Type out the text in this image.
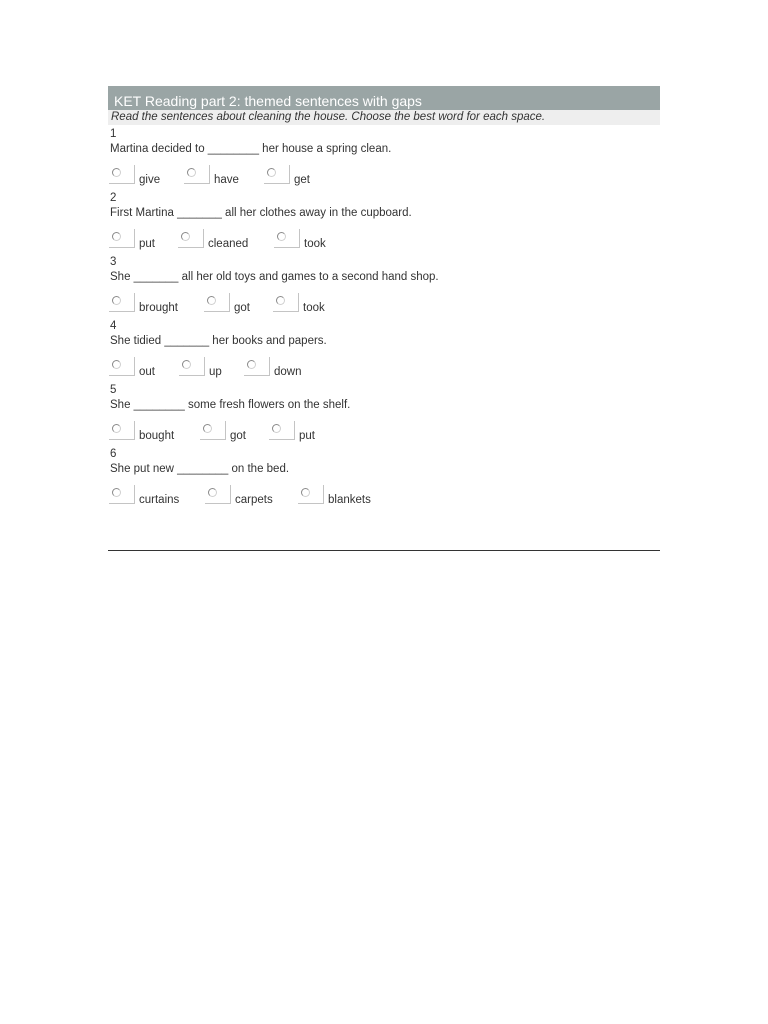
KET Reading part 2: themed sentences with gaps
Read the sentences about cleaning the house. Choose the best word for each space.
1
Martina decided to ________ her house a spring clean.
give	have	get
2
First Martina _______ all her clothes away in the cupboard.
put	cleaned	took
3
She _______ all her old toys and games to a second hand shop.
brought	got	took
4
She tidied _______ her books and papers.
out	up	down
5
She ________ some fresh flowers on the shelf.
bought	got	put
6
She put new ________ on the bed.
curtains	carpets	blankets
